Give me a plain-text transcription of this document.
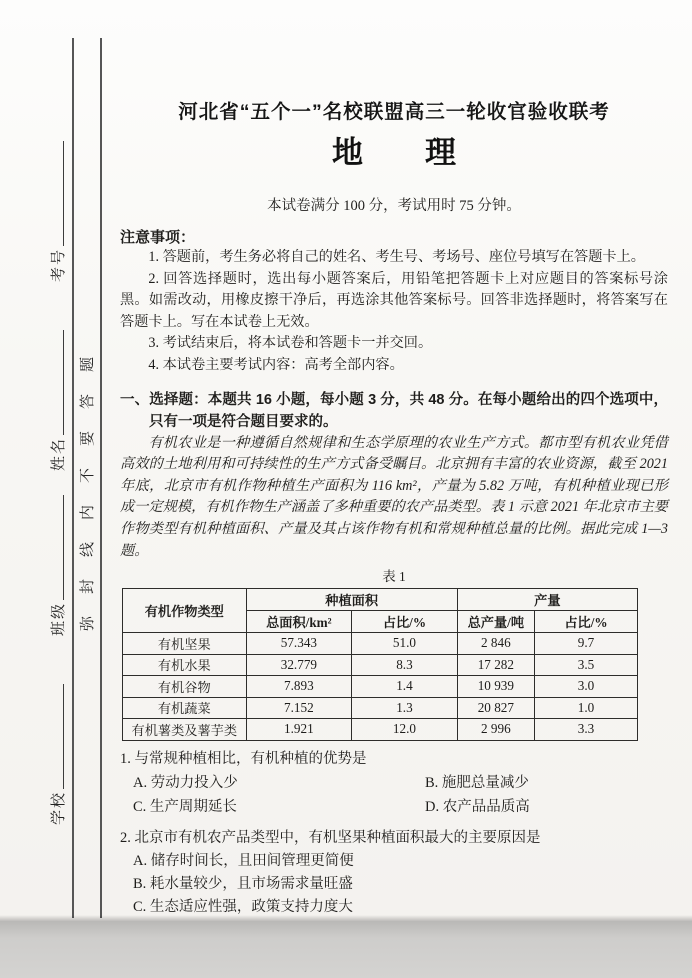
考号
姓名
班级
学校
弥封线内不要答题
河北省“五个一”名校联盟高三一轮收官验收联考
地　　理
本试卷满分 100 分，考试用时 75 分钟。
注意事项：

1. 答题前，考生务必将自己的姓名、考生号、考场号、座位号填写在答题卡上。

2. 回答选择题时，选出每小题答案后，用铅笔把答题卡上对应题目的答案标号涂黑。如需改动，用橡皮擦干净后，再选涂其他答案标号。回答非选择题时，将答案写在答题卡上。写在本试卷上无效。

3. 考试结束后，将本试卷和答题卡一并交回。

4. 本试卷主要考试内容：高考全部内容。

一、选择题：本题共 16 小题，每小题 3 分，共 48 分。在每小题给出的四个选项中，只有一项是符合题目要求的。

有机农业是一种遵循自然规律和生态学原理的农业生产方式。都市型有机农业凭借高效的土地利用和可持续性的生产方式备受瞩目。北京拥有丰富的农业资源，截至 2021 年底，北京市有机作物种植生产面积为 116 km²，产量为 5.82 万吨，有机种植业现已形成一定规模，有机作物生产涵盖了多种重要的农产品类型。表 1 示意 2021 年北京市主要作物类型有机种植面积、产量及其占该作物有机和常规种植总量的比例。据此完成 1—3 题。

表 1
有机作物类型	种植面积		产量	
	总面积/km²	占比/%	总产量/吨	占比/%
有机坚果	57.343	51.0	2 846	9.7
有机水果	32.779	8.3	17 282	3.5
有机谷物	7.893	1.4	10 939	3.0
有机蔬菜	7.152	1.3	20 827	1.0
有机薯类及薯芋类	1.921	12.0	2 996	3.3
1. 与常规种植相比，有机种植的优势是
A. 劳动力投入少	B. 施肥总量减少
C. 生产周期延长	D. 农产品品质高
2. 北京市有机农产品类型中，有机坚果种植面积最大的主要原因是
A. 储存时间长，且田间管理更简便
B. 耗水量较少，且市场需求量旺盛
C. 生态适应性强，政策支持力度大
